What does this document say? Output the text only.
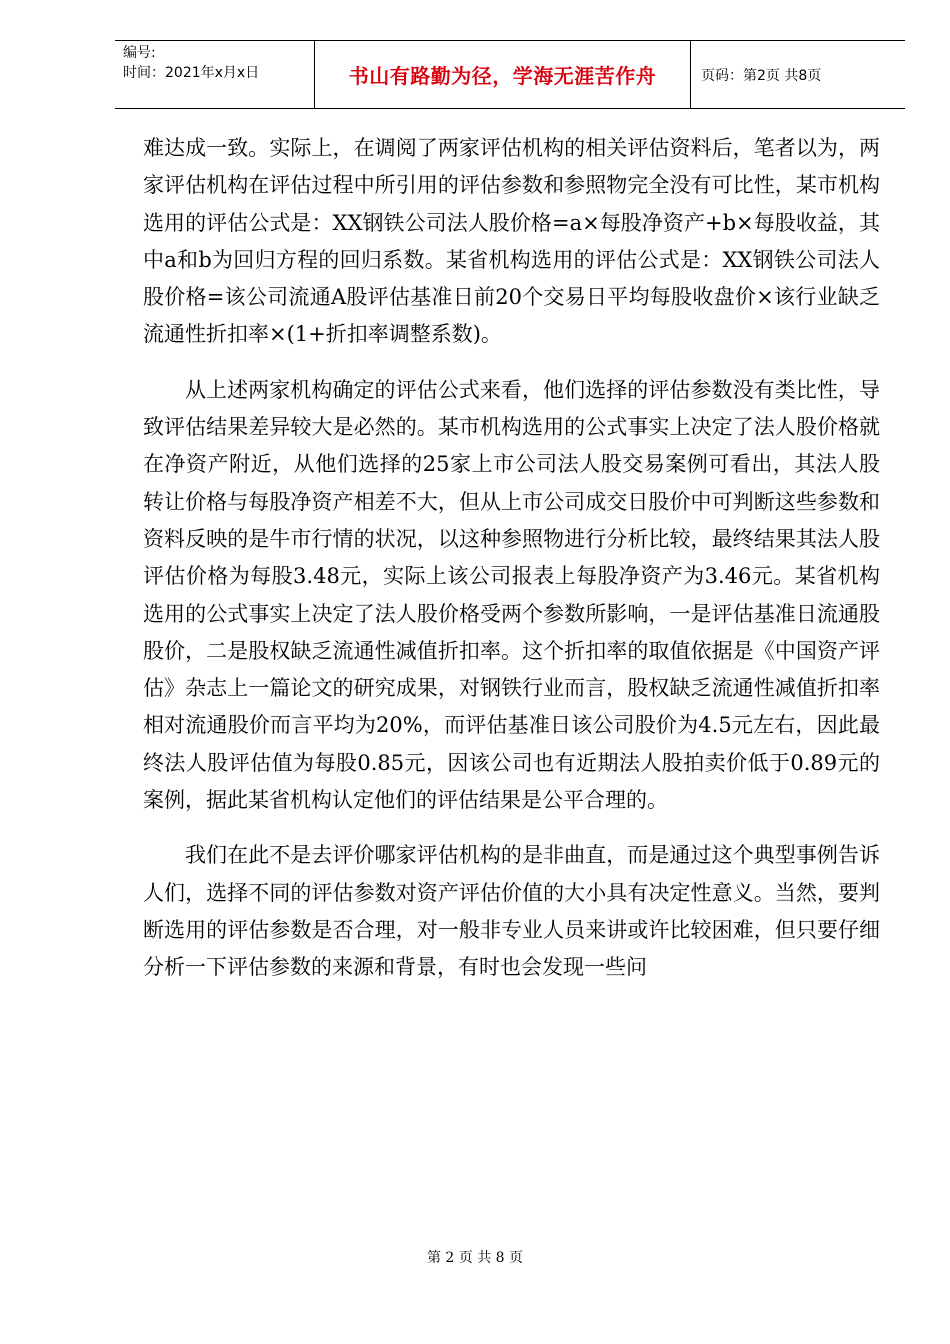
编号:
时间：2021年x月x日	书山有路勤为径，学海无涯苦作舟	页码：第2页 共8页

难达成一致。实际上，在调阅了两家评估机构的相关评估资料后，笔者以为，两家评估机构在评估过程中所引用的评估参数和参照物完全没有可比性，某市机构选用的评估公式是：XX钢铁公司法人股价格=a×每股净资产+b×每股收益，其中a和b为回归方程的回归系数。某省机构选用的评估公式是：XX钢铁公司法人股价格=该公司流通A股评估基准日前20个交易日平均每股收盘价×该行业缺乏流通性折扣率×(1+折扣率调整系数)。

从上述两家机构确定的评估公式来看，他们选择的评估参数没有类比性，导致评估结果差异较大是必然的。某市机构选用的公式事实上决定了法人股价格就在净资产附近，从他们选择的25家上市公司法人股交易案例可看出，其法人股转让价格与每股净资产相差不大，但从上市公司成交日股价中可判断这些参数和资料反映的是牛市行情的状况，以这种参照物进行分析比较，最终结果其法人股评估价格为每股3.48元，实际上该公司报表上每股净资产为3.46元。某省机构选用的公式事实上决定了法人股价格受两个参数所影响，一是评估基准日流通股股价，二是股权缺乏流通性减值折扣率。这个折扣率的取值依据是《中国资产评估》杂志上一篇论文的研究成果，对钢铁行业而言，股权缺乏流通性减值折扣率相对流通股价而言平均为20%，而评估基准日该公司股价为4.5元左右，因此最终法人股评估值为每股0.85元，因该公司也有近期法人股拍卖价低于0.89元的案例，据此某省机构认定他们的评估结果是公平合理的。

我们在此不是去评价哪家评估机构的是非曲直，而是通过这个典型事例告诉人们，选择不同的评估参数对资产评估价值的大小具有决定性意义。当然，要判断选用的评估参数是否合理，对一般非专业人员来讲或许比较困难，但只要仔细分析一下评估参数的来源和背景，有时也会发现一些问

第 2 页 共 8 页
